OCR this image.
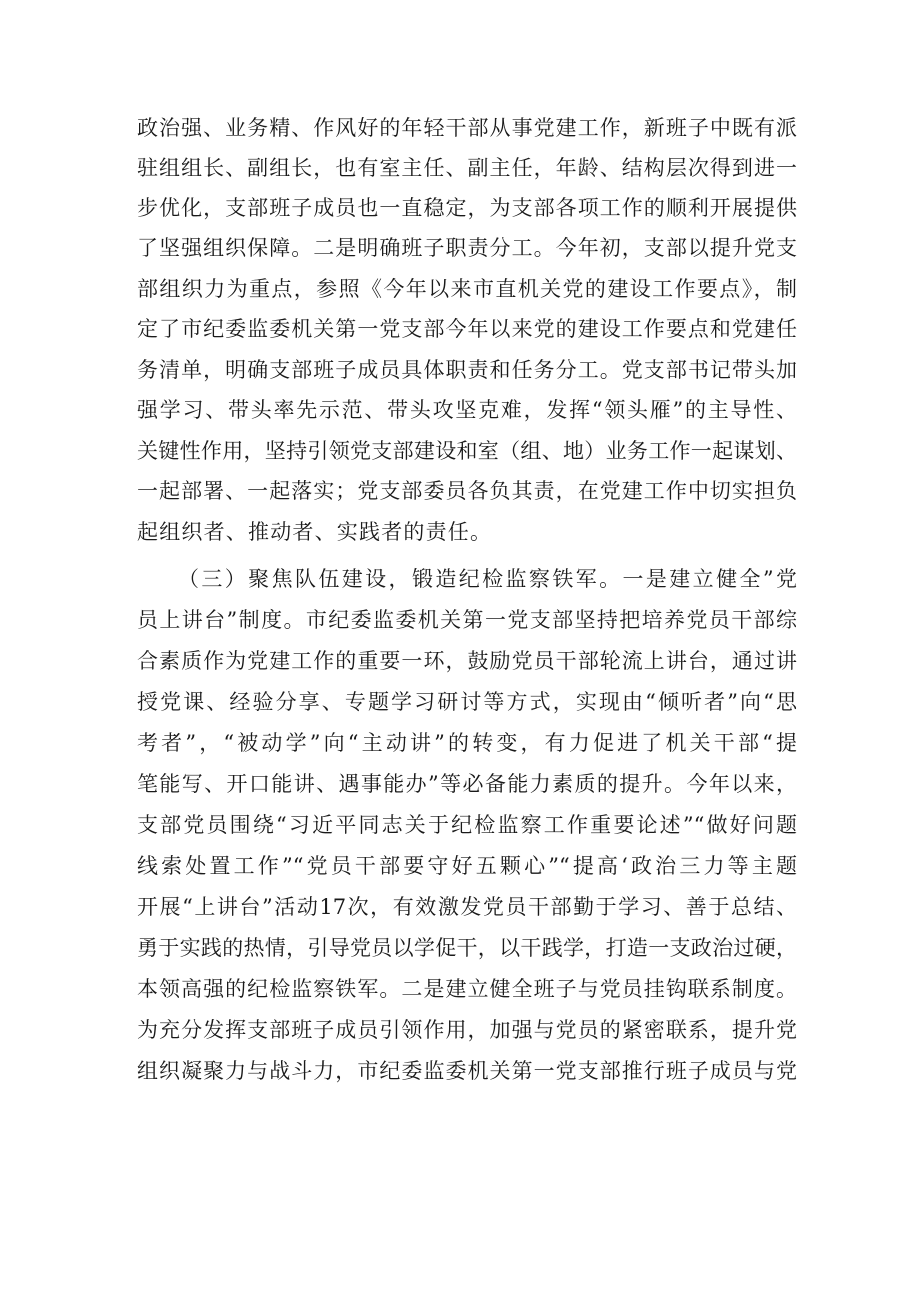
政治强、业务精、作风好的年轻干部从事党建工作，新班子中既有派
驻组组长、副组长，也有室主任、副主任，年龄、结构层次得到进一
步优化，支部班子成员也一直稳定，为支部各项工作的顺利开展提供
了坚强组织保障。二是明确班子职责分工。今年初，支部以提升党支
部组织力为重点，参照《今年以来市直机关党的建设工作要点》，制
定了市纪委监委机关第一党支部今年以来党的建设工作要点和党建任
务清单，明确支部班子成员具体职责和任务分工。党支部书记带头加
强学习、带头率先示范、带头攻坚克难，发挥“领头雁”的主导性、
关键性作用，坚持引领党支部建设和室（组、地）业务工作一起谋划、
一起部署、一起落实；党支部委员各负其责，在党建工作中切实担负
起组织者、推动者、实践者的责任。
（三）聚焦队伍建设，锻造纪检监察铁军。一是建立健全”党
员上讲台”制度。市纪委监委机关第一党支部坚持把培养党员干部综
合素质作为党建工作的重要一环，鼓励党员干部轮流上讲台，通过讲
授党课、经验分享、专题学习研讨等方式，实现由“倾听者”向“思
考者”，“被动学”向“主动讲”的转变，有力促进了机关干部“提
笔能写、开口能讲、遇事能办”等必备能力素质的提升。今年以来，
支部党员围绕“习近平同志关于纪检监察工作重要论述”“做好问题
线索处置工作”“党员干部要守好五颗心”“提高‘政治三力等主题
开展“上讲台”活动17次，有效激发党员干部勤于学习、善于总结、
勇于实践的热情，引导党员以学促干，以干践学，打造一支政治过硬，
本领高强的纪检监察铁军。二是建立健全班子与党员挂钩联系制度。
为充分发挥支部班子成员引领作用，加强与党员的紧密联系，提升党
组织凝聚力与战斗力，市纪委监委机关第一党支部推行班子成员与党
